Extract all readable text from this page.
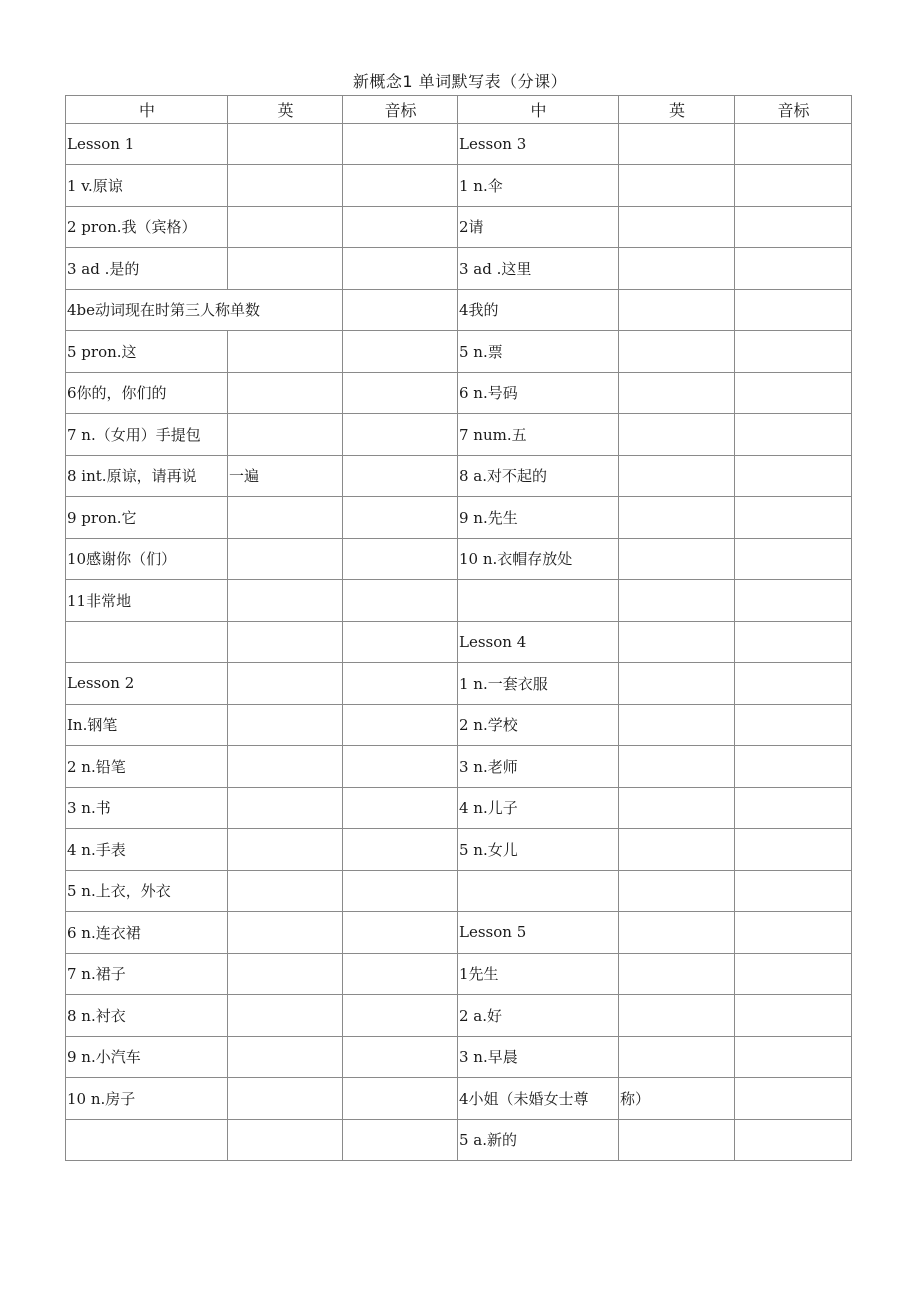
新概念1 单词默写表（分课）
中	英	音标	中	英	音标
Lesson 1			Lesson 3		
1 v.原谅			1 n.伞		
2 pron.我（宾格）			2请		
3 ad .是的			3 ad .这里		
4be动词现在时第三人称单数			4我的		
5 pron.这			5 n.票		
6你的，你们的			6 n.号码		
7 n.（女用）手提包			7 num.五		
8 int.原谅，请再说	一遍		8 a.对不起的		
9 pron.它			9 n.先生		
10感谢你（们）			10 n.衣帽存放处		
11非常地					
			Lesson 4		
Lesson 2			1 n.一套衣服		
In.钢笔			2 n.学校		
2 n.铅笔			3 n.老师		
3 n.书			4 n.儿子		
4 n.手表			5 n.女儿		
5 n.上衣，外衣					
6 n.连衣裙			Lesson 5		
7 n.裙子			1先生		
8 n.衬衣			2 a.好		
9 n.小汽车			3 n.早晨		
10 n.房子			4小姐（未婚女士尊	称）	
			5 a.新的		
